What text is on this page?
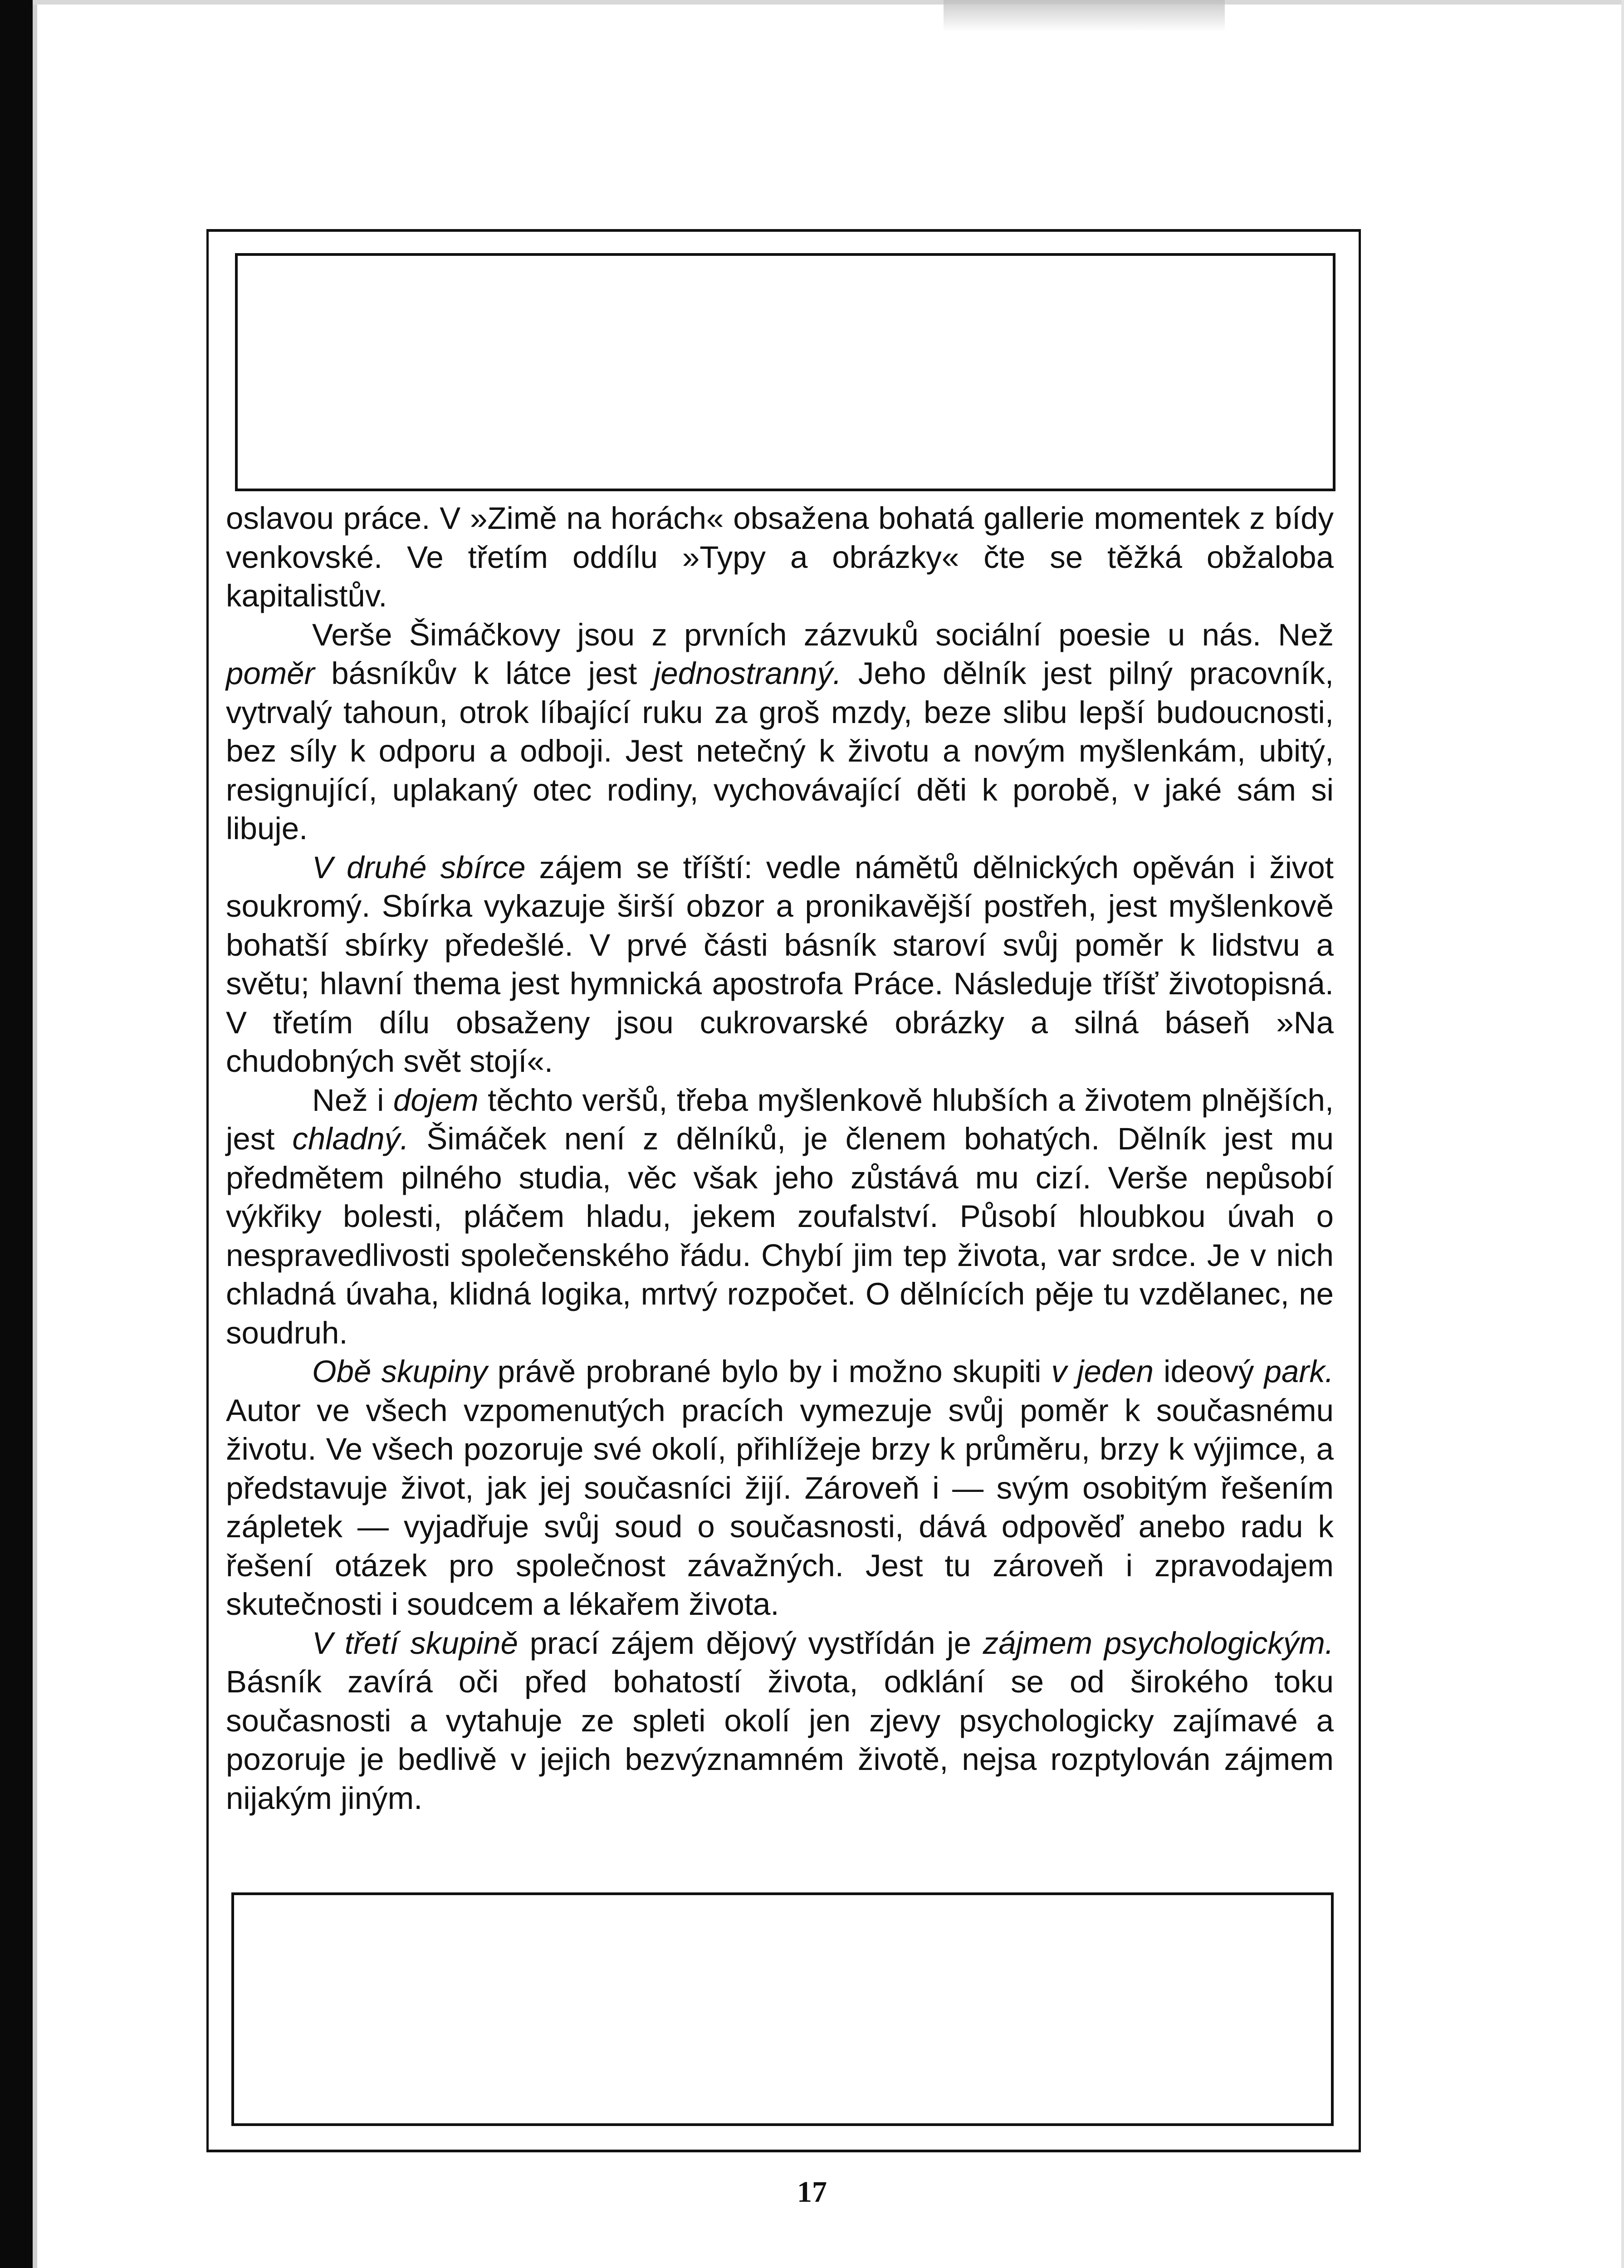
oslavou práce. V »Zimě na horách« obsažena bohatá gallerie momentek z bídy venkovské. Ve třetím oddílu »Typy a obrázky« čte se těžká obžaloba kapitalistův.

Verše Šimáčkovy jsou z prvních zázvuků sociální poesie u nás. Než poměr básníkův k látce jest jednostranný. Jeho dělník jest pilný pracovník, vytrvalý tahoun, otrok líbající ruku za groš mzdy, beze slibu lepší budoucnosti, bez síly k odporu a odboji. Jest netečný k životu a novým myšlenkám, ubitý, resignující, uplakaný otec rodiny, vychovávající děti k porobě, v jaké sám si libuje.

V druhé sbírce zájem se tříští: vedle námětů dělnických opěván i život soukromý. Sbírka vykazuje širší obzor a pronikavější postřeh, jest myšlenkově bohatší sbírky předešlé. V prvé části básník staroví svůj poměr k lidstvu a světu; hlavní thema jest hymnická apostrofa Práce. Následuje tříšť životopisná. V třetím dílu obsaženy jsou cukrovarské obrázky a silná báseň »Na chudobných svět stojí«.

Než i dojem těchto veršů, třeba myšlenkově hlubších a životem plnějších, jest chladný. Šimáček není z dělníků, je členem bohatých. Dělník jest mu předmětem pilného studia, věc však jeho zůstává mu cizí. Verše nepůsobí výkřiky bolesti, pláčem hladu, jekem zoufalství. Působí hloubkou úvah o nespravedlivosti společenského řádu. Chybí jim tep života, var srdce. Je v nich chladná úvaha, klidná logika, mrtvý rozpočet. O dělnících pěje tu vzdělanec, ne soudruh.

Obě skupiny právě probrané bylo by i možno skupiti v jeden ideový park. Autor ve všech vzpomenutých pracích vymezuje svůj poměr k současnému životu. Ve všech pozoruje své okolí, přihlížeje brzy k průměru, brzy k výjimce, a představuje život, jak jej současníci žijí. Zároveň i — svým osobitým řešením zápletek — vyjadřuje svůj soud o současnosti, dává odpověď anebo radu k řešení otázek pro společnost závažných. Jest tu zároveň i zpravodajem skutečnosti i soudcem a lékařem života.

V třetí skupině prací zájem dějový vystřídán je zájmem psychologickým. Básník zavírá oči před bohatostí života, odklání se od širokého toku současnosti a vytahuje ze spleti okolí jen zjevy psychologicky zajímavé a pozoruje je bedlivě v jejich bezvýznamném životě, nejsa rozptylován zájmem nijakým jiným.

17
